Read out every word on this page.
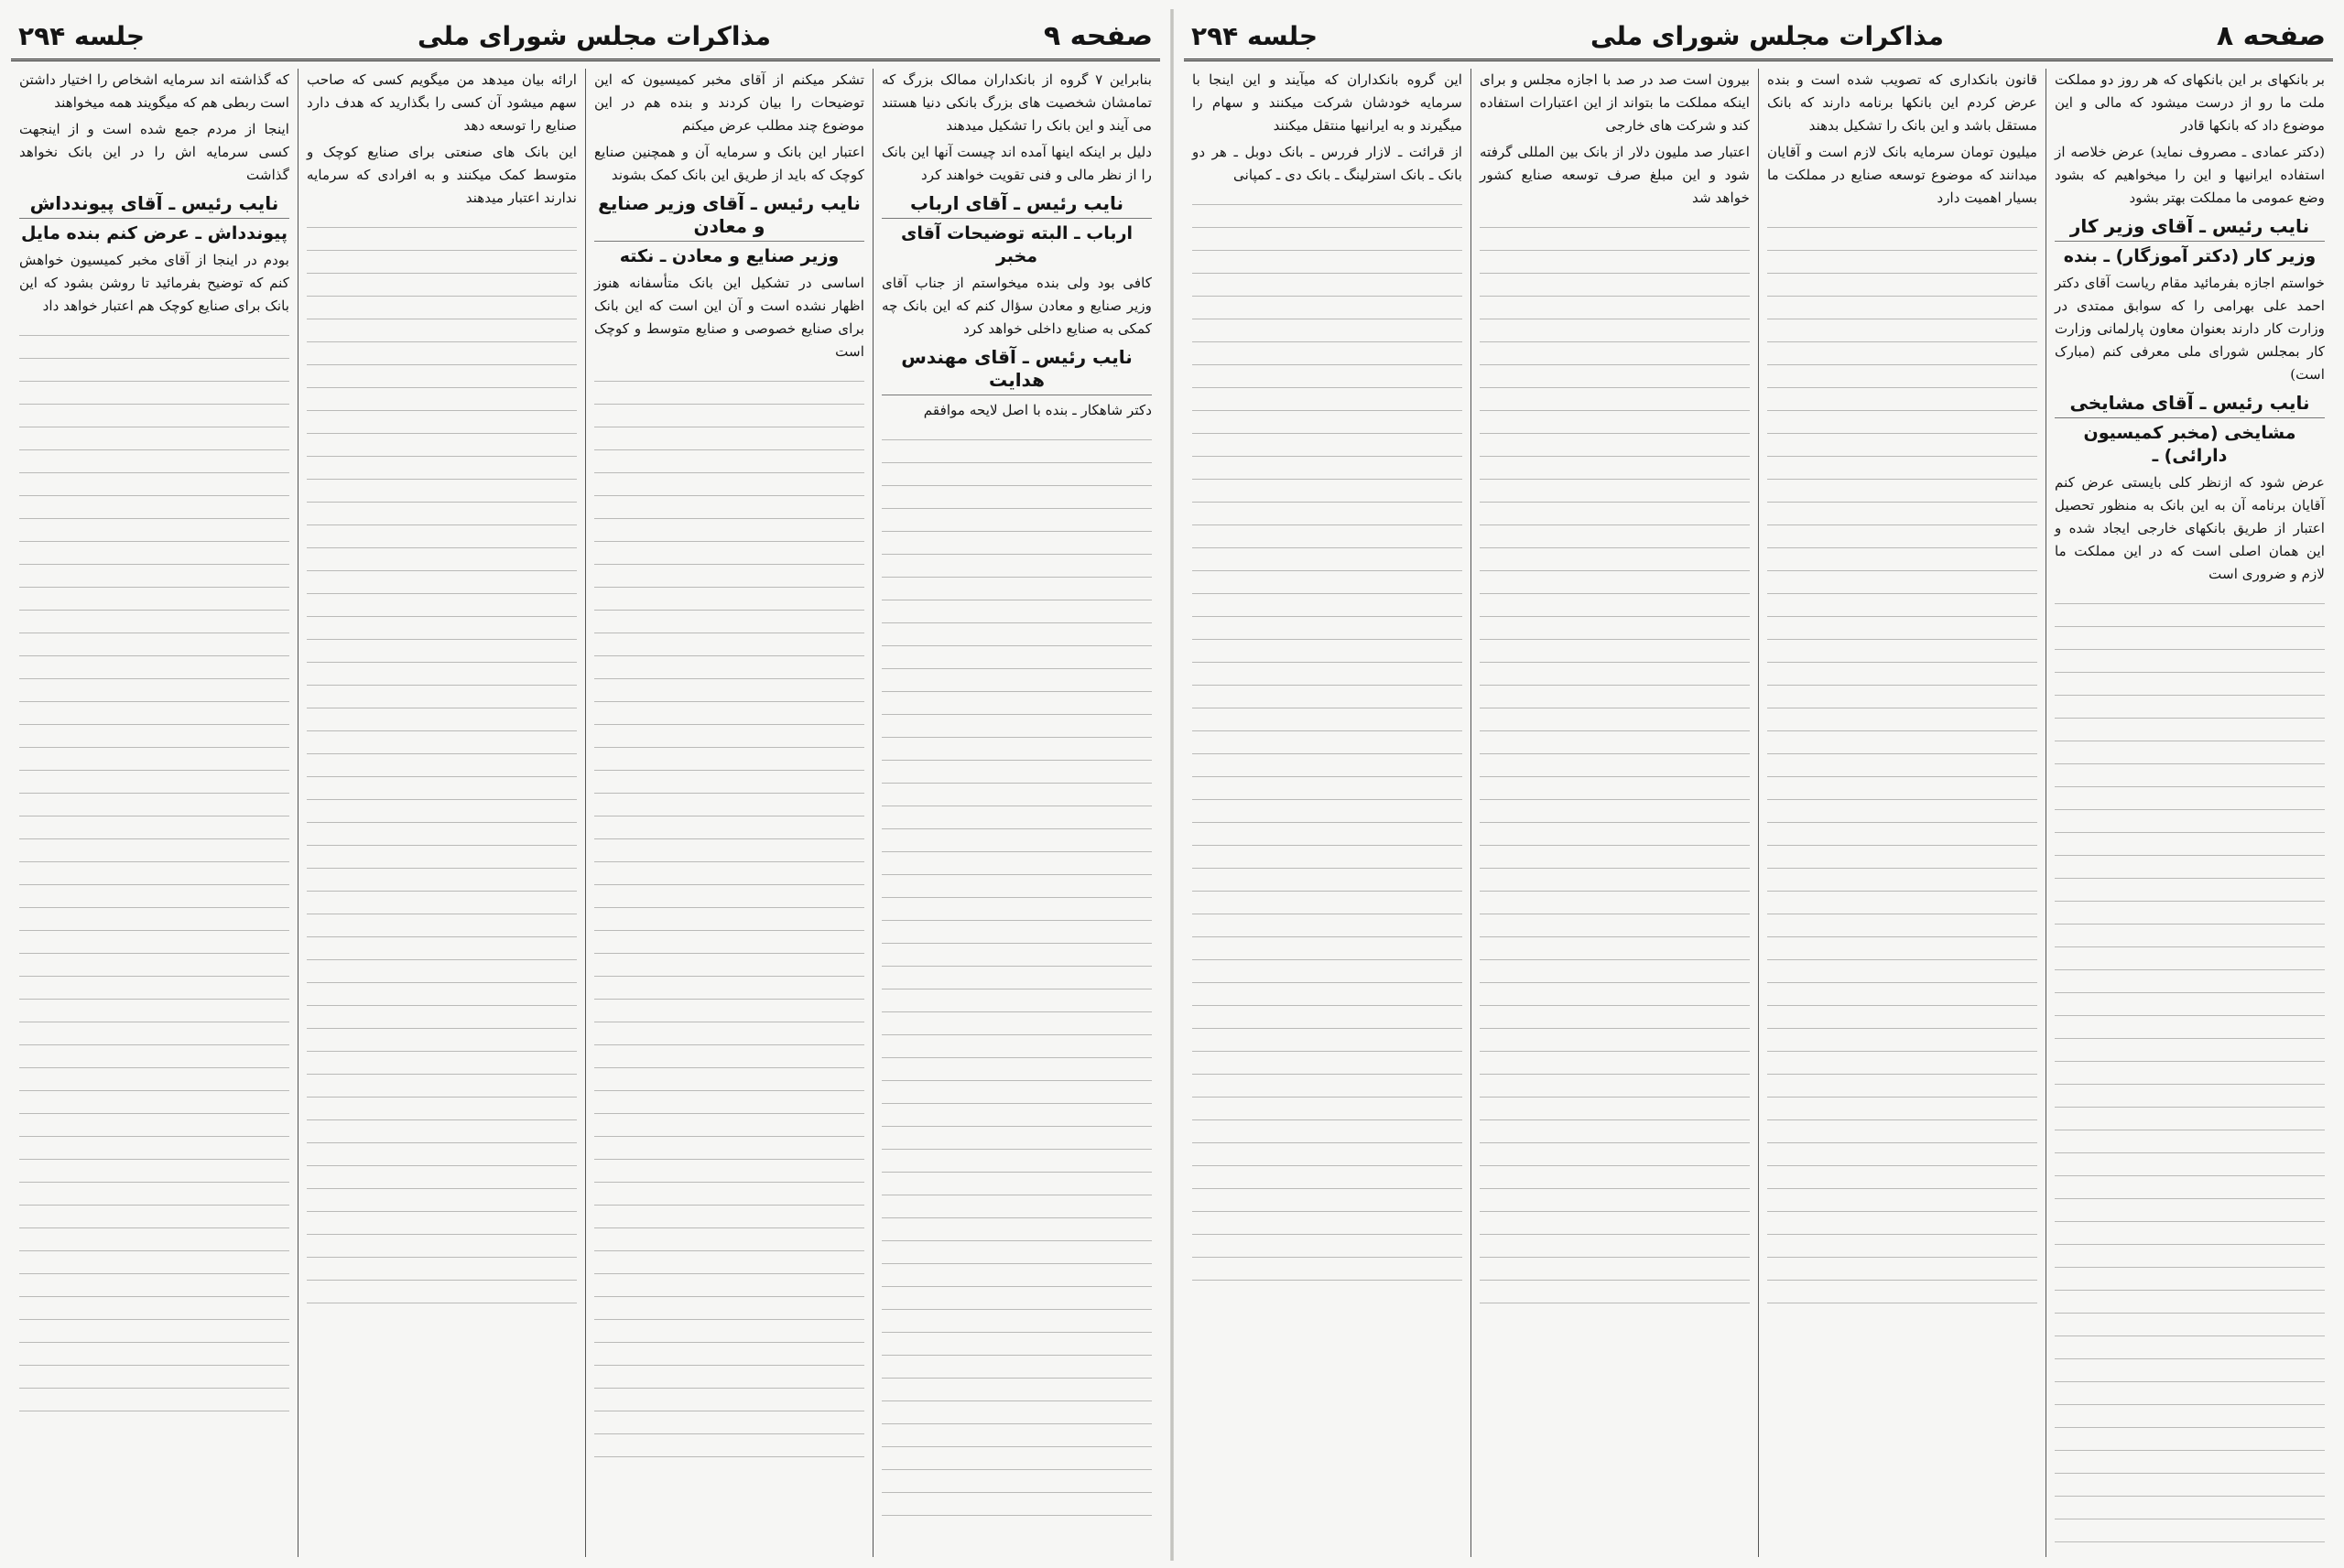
صفحه ۸
مذاکرات مجلس شورای ملی
جلسه ۲۹۴

بر بانکهای بر این بانکهای که هر روز دو مملکت ملت ما رو از درست میشود که مالی و این موضوع داد که بانکها قادر

(دکتر عمادی ـ مصروف نماید) عرض خلاصه از استفاده ایرانیها و این را میخواهیم که بشود وضع عمومی ما مملکت بهتر بشود

نایب رئیس ـ آقای وزیر کار
وزیر کار (دکتر آموزگار) ـ بنده

خواستم اجازه بفرمائید مقام ریاست آقای دکتر احمد علی بهرامی را که سوابق ممتدی در وزارت کار دارند بعنوان معاون پارلمانی وزارت کار بمجلس شورای ملی معرفی کنم (مبارک است)

نایب رئیس ـ آقای مشایخی
مشایخی (مخبر کمیسیون دارائی) ـ

عرض شود که ازنظر کلی بایستی عرض کنم آقایان برنامه آن به این بانک به منظور تحصیل اعتبار از طریق بانکهای خارجی ایجاد شده و این همان اصلی است که در این مملکت ما لازم و ضروری است

قانون بانکداری که تصویب شده است و بنده عرض کردم این بانکها برنامه دارند که بانک مستقل باشد و این بانک را تشکیل بدهند

میلیون تومان سرمایه بانک لازم است و آقایان میدانند که موضوع توسعه صنایع در مملکت ما بسیار اهمیت دارد

بیرون است صد در صد با اجازه مجلس و برای اینکه مملکت ما بتواند از این اعتبارات استفاده کند و شرکت های خارجی

اعتبار صد ملیون دلار از بانک بین المللی گرفته شود و این مبلغ صرف توسعه صنایع کشور خواهد شد

این گروه بانکداران که میآیند و این اینجا با سرمایه خودشان شرکت میکنند و سهام را میگیرند و به ایرانیها منتقل میکنند

از قرائت ـ لازار فررس ـ بانک دوبل ـ هر دو بانک ـ بانک استرلینگ ـ بانک دی ـ کمپانی

صفحه ۹
مذاکرات مجلس شورای ملی
جلسه ۲۹۴

بنابراین ۷ گروه از بانکداران ممالک بزرگ که تمامشان شخصیت های بزرگ بانکی دنیا هستند می آیند و این بانک را تشکیل میدهند

دلیل بر اینکه اینها آمده اند چیست آنها این بانک را از نظر مالی و فنی تقویت خواهند کرد

نایب رئیس ـ آقای ارباب
ارباب ـ البته توضیحات آقای مخبر

کافی بود ولی بنده میخواستم از جناب آقای وزیر صنایع و معادن سؤال کنم که این بانک چه کمکی به صنایع داخلی خواهد کرد

نایب رئیس ـ آقای مهندس هدایت

دکتر شاهکار ـ بنده با اصل لایحه موافقم

تشکر میکنم از آقای مخبر کمیسیون که این توضیحات را بیان کردند و بنده هم در این موضوع چند مطلب عرض میکنم

اعتبار این بانک و سرمایه آن و همچنین صنایع کوچک که باید از طریق این بانک کمک بشوند

نایب رئیس ـ آقای وزیر صنایع و معادن
وزیر صنایع و معادن ـ نکته

اساسی در تشکیل این بانک متأسفانه هنوز اظهار نشده است و آن این است که این بانک برای صنایع خصوصی و صنایع متوسط و کوچک است

ارائه بیان میدهد من میگویم کسی که صاحب سهم میشود آن کسی را بگذارید که هدف دارد صنایع را توسعه دهد

این بانک های صنعتی برای صنایع کوچک و متوسط کمک میکنند و به افرادی که سرمایه ندارند اعتبار میدهند

که گذاشته اند سرمایه اشخاص را اختیار داشتن است ربطی هم که میگویند همه میخواهند

اینجا از مردم جمع شده است و از اینجهت کسی سرمایه اش را در این بانک نخواهد گذاشت

نایب رئیس ـ آقای پیوندداش
پیوندداش ـ عرض کنم بنده مایل

بودم در اینجا از آقای مخبر کمیسیون خواهش کنم که توضیح بفرمائید تا روشن بشود که این بانک برای صنایع کوچک هم اعتبار خواهد داد
